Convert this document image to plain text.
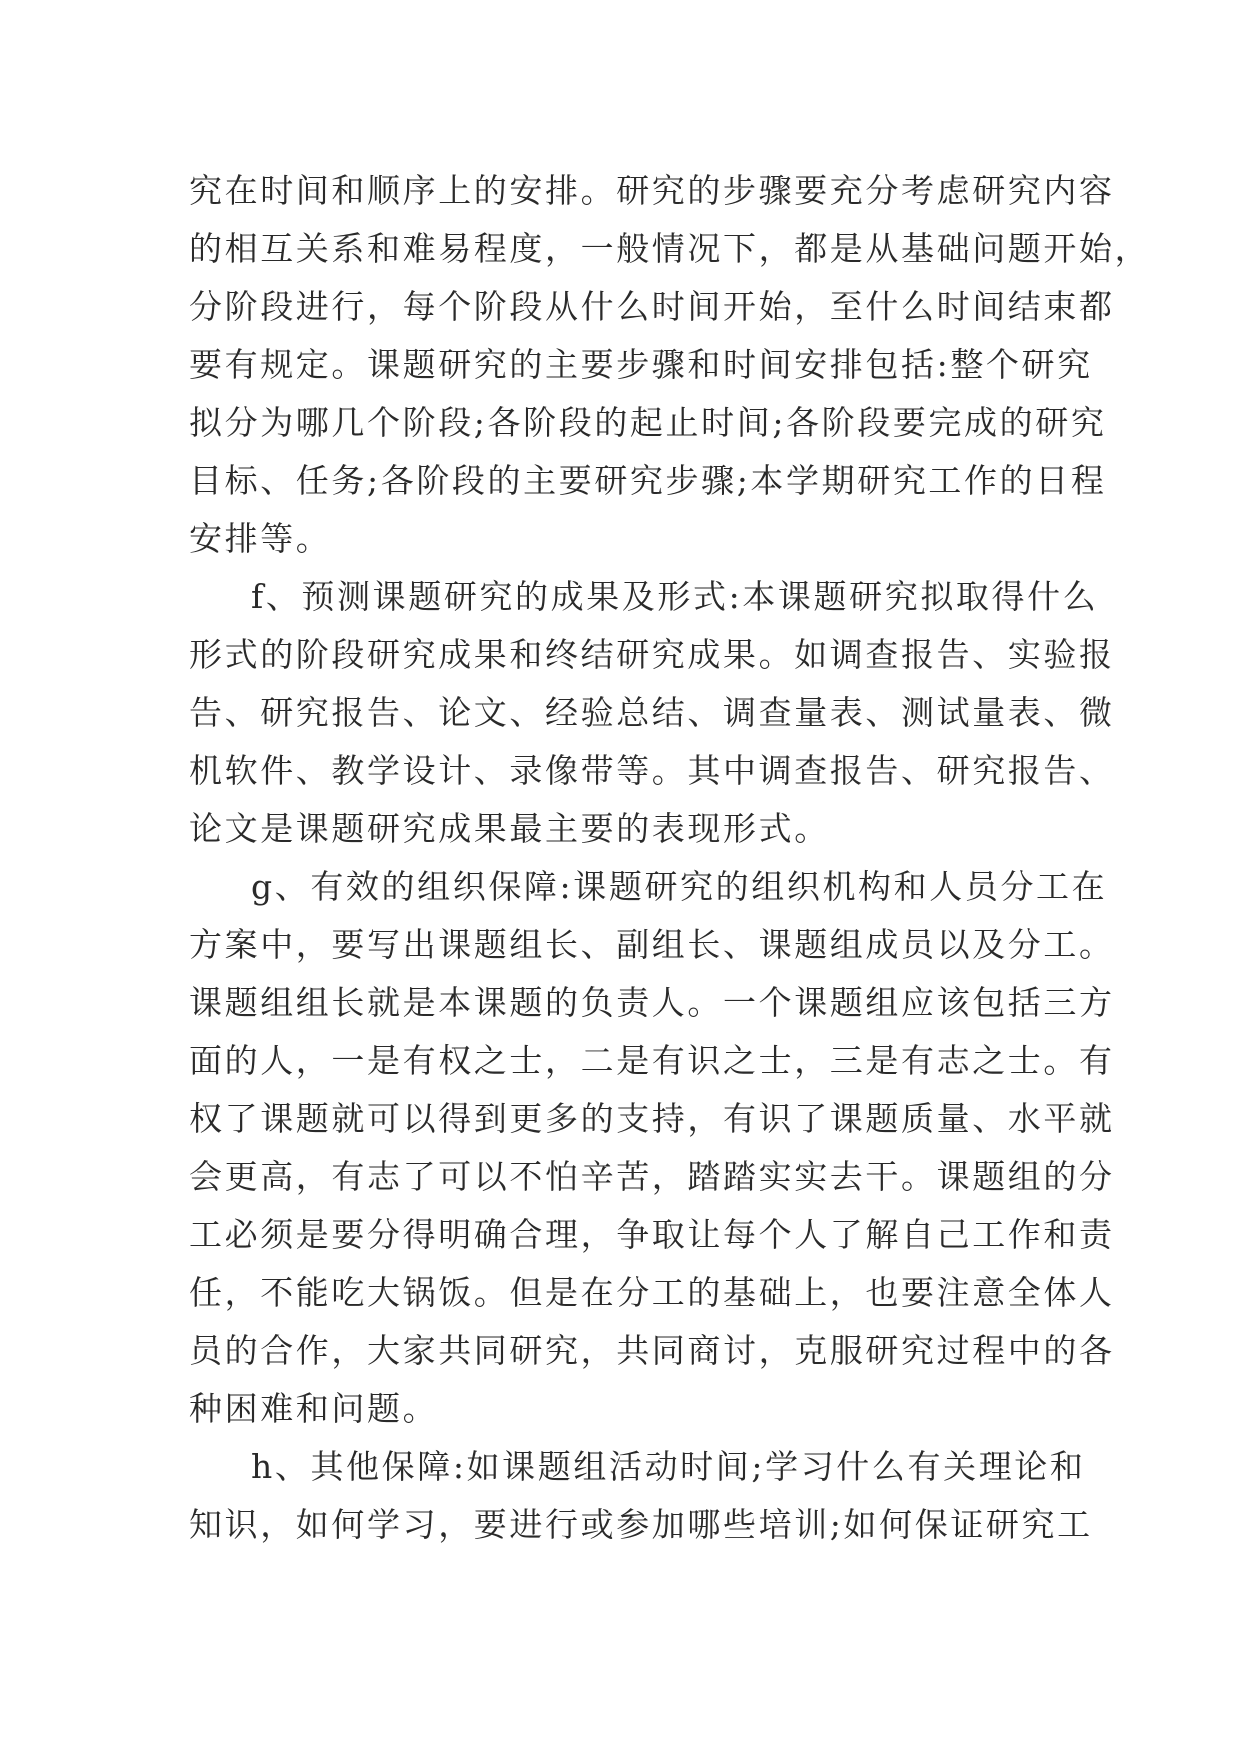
究在时间和顺序上的安排。研究的步骤要充分考虑研究内容
的相互关系和难易程度，一般情况下，都是从基础问题开始，
分阶段进行，每个阶段从什么时间开始，至什么时间结束都
要有规定。课题研究的主要步骤和时间安排包括:整个研究
拟分为哪几个阶段;各阶段的起止时间;各阶段要完成的研究
目标、任务;各阶段的主要研究步骤;本学期研究工作的日程
安排等。
f、预测课题研究的成果及形式:本课题研究拟取得什么
形式的阶段研究成果和终结研究成果。如调查报告、实验报
告、研究报告、论文、经验总结、调查量表、测试量表、微
机软件、教学设计、录像带等。其中调查报告、研究报告、
论文是课题研究成果最主要的表现形式。
g、有效的组织保障:课题研究的组织机构和人员分工在
方案中，要写出课题组长、副组长、课题组成员以及分工。
课题组组长就是本课题的负责人。一个课题组应该包括三方
面的人，一是有权之士，二是有识之士，三是有志之士。有
权了课题就可以得到更多的支持，有识了课题质量、水平就
会更高，有志了可以不怕辛苦，踏踏实实去干。课题组的分
工必须是要分得明确合理，争取让每个人了解自己工作和责
任，不能吃大锅饭。但是在分工的基础上，也要注意全体人
员的合作，大家共同研究，共同商讨，克服研究过程中的各
种困难和问题。
h、其他保障:如课题组活动时间;学习什么有关理论和
知识，如何学习，要进行或参加哪些培训;如何保证研究工
